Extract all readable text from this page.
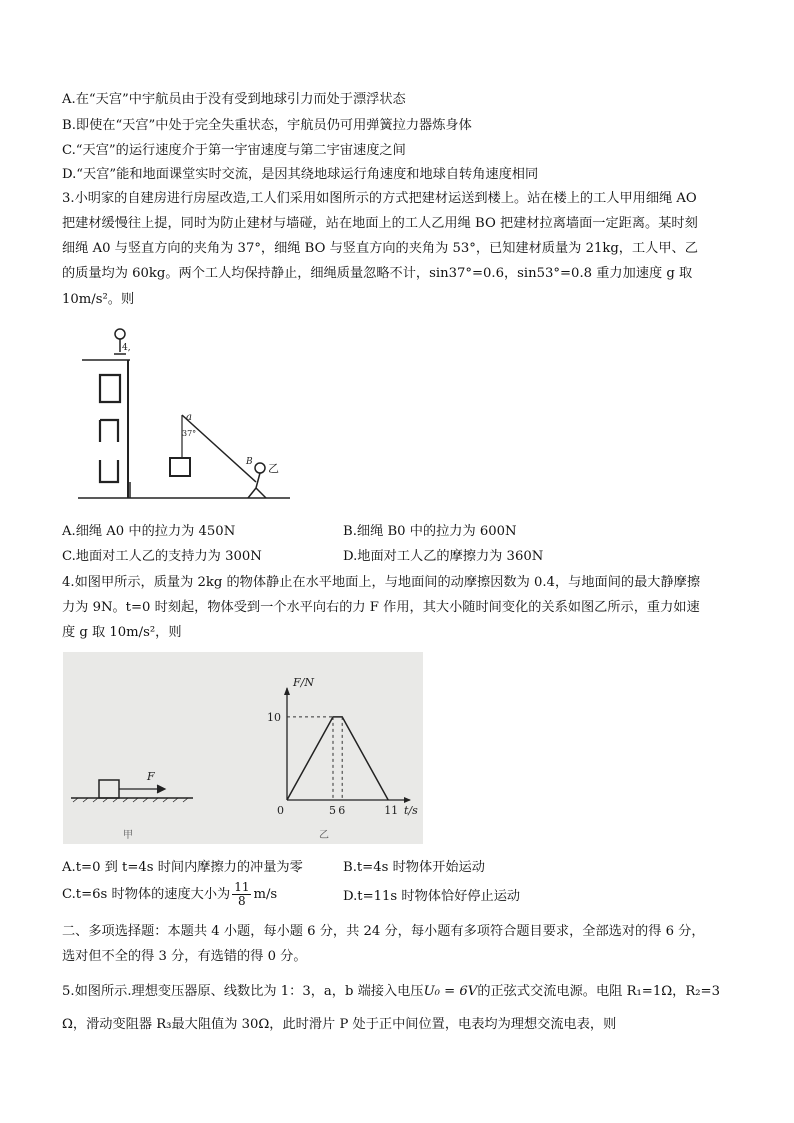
A.在“天宫”中宇航员由于没有受到地球引力而处于漂浮状态
B.即使在“天宫”中处于完全失重状态，宇航员仍可用弹簧拉力器炼身体
C.“天宫”的运行速度介于第一宇宙速度与第二宇宙速度之间
D.“天宫”能和地面课堂实时交流，是因其绕地球运行角速度和地球自转角速度相同
3.小明家的自建房进行房屋改造,工人们采用如图所示的方式把建材运送到楼上。站在楼上的工人甲用细绳 AO
把建材缓慢往上提，同时为防止建材与墙碰，站在地面上的工人乙用绳 BO 把建材拉离墙面一定距离。某时刻
细绳 A0 与竖直方向的夹角为 37°，细绳 BO 与竖直方向的夹角为 53°，已知建材质量为 21kg，工人甲、乙
的质量均为 60kg。两个工人均保持静止，细绳质量忽略不计，sin37°=0.6，sin53°=0.8 重力加速度 g 取
10m/s²。则
a
37°
B 乙
4,
A.细绳 A0 中的拉力为 450N	B.细绳 B0 中的拉力为 600N
C.地面对工人乙的支持力为 300N	D.地面对工人乙的摩擦力为 360N
4.如图甲所示，质量为 2kg 的物体静止在水平地面上，与地面间的动摩擦因数为 0.4，与地面间的最大静摩擦
力为 9N。t=0 时刻起，物体受到一个水平向右的力 F 作用，其大小随时间变化的关系如图乙所示，重力如速
度 g 取 10m/s²，则
F
甲	乙
0	5 6	11
10
t/s
F/N
A.t=0 到 t=4s 时间内摩擦力的冲量为零	B.t=4s 时物体开始运动
C.t=6s 时物体的速度大小为 $\frac{11}{8} m/s$	D.t=11s 时物体恰好停止运动
二、多项选择题：本题共 4 小题，每小题 6 分，共 24 分，每小题有多项符合题目要求，全部选对的得 6 分，
选对但不全的得 3 分，有选错的得 0 分。
5.如图所示.理想变压器原、线数比为 1：3，a，b 端接入电压U₀ = 6V的正弦式交流电源。电阻 R₁=1Ω，R₂=3
Ω，滑动变阻器 R₃最大阻值为 30Ω，此时滑片 P 处于正中间位置，电表均为理想交流电表，则
